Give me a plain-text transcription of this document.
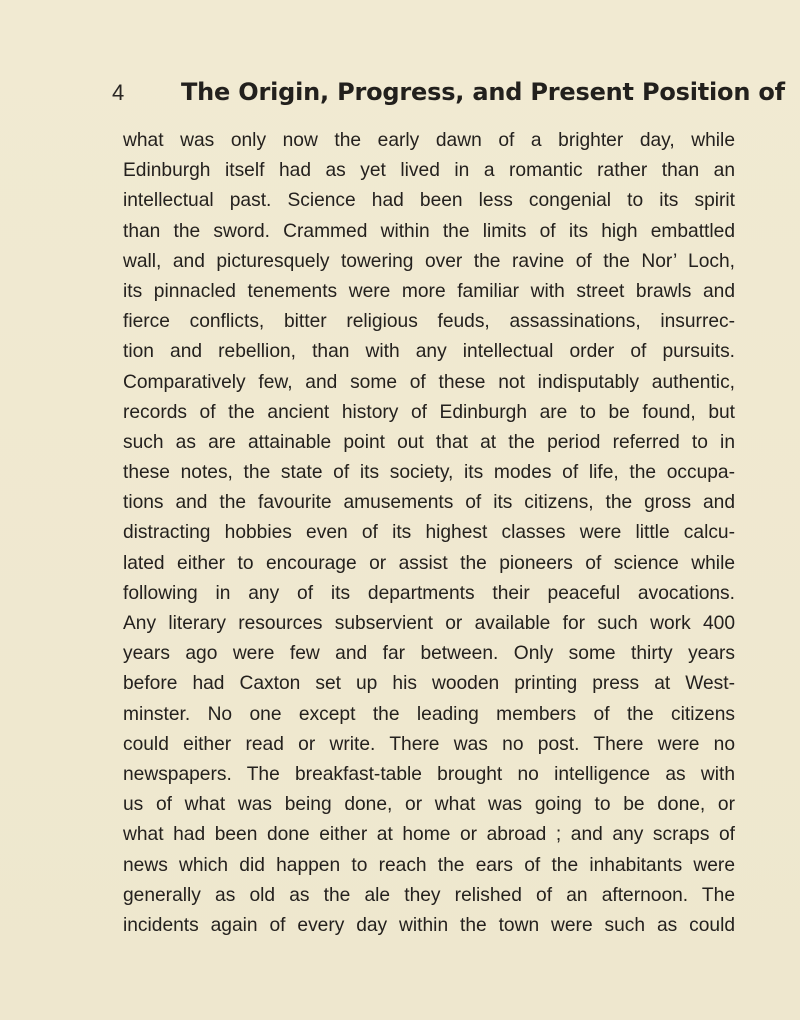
4 The Origin, Progress, and Present Position of
what was only now the early dawn of a brighter day, while
Edinburgh itself had as yet lived in a romantic rather than an
intellectual past. Science had been less congenial to its spirit
than the sword. Crammed within the limits of its high embattled
wall, and picturesquely towering over the ravine of the Nor’ Loch,
its pinnacled tenements were more familiar with street brawls and
fierce conflicts, bitter religious feuds, assassinations, insurrec-
tion and rebellion, than with any intellectual order of pursuits.
Comparatively few, and some of these not indisputably authentic,
records of the ancient history of Edinburgh are to be found, but
such as are attainable point out that at the period referred to in
these notes, the state of its society, its modes of life, the occupa-
tions and the favourite amusements of its citizens, the gross and
distracting hobbies even of its highest classes were little calcu-
lated either to encourage or assist the pioneers of science while
following in any of its departments their peaceful avocations.
Any literary resources subservient or available for such work 400
years ago were few and far between. Only some thirty years
before had Caxton set up his wooden printing press at West-
minster. No one except the leading members of the citizens
could either read or write. There was no post. There were no
newspapers. The breakfast-table brought no intelligence as with
us of what was being done, or what was going to be done, or
what had been done either at home or abroad ; and any scraps of
news which did happen to reach the ears of the inhabitants were
generally as old as the ale they relished of an afternoon. The
incidents again of every day within the town were such as could
